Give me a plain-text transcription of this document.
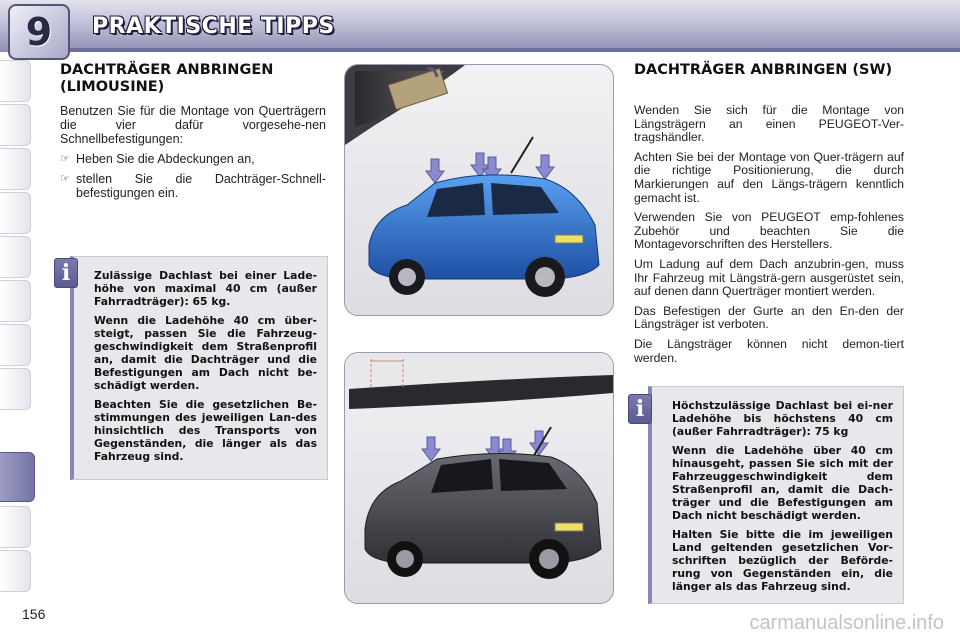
9	PRAKTISCHE TIPPS
DACHTRÄGER ANBRINGEN (LIMOUSINE)

Benutzen Sie für die Montage von Querträgern die vier dafür vorgesehe-nen Schnellbefestigungen:

☞ Heben Sie die Abdeckungen an,
☞ stellen Sie die Dachträger-Schnell-befestigungen ein.

Zulässige Dachlast bei einer Lade-höhe von maximal 40 cm (außer Fahrradträger): 65 kg.

Wenn die Ladehöhe 40 cm über-steigt, passen Sie die Fahrzeug-geschwindigkeit dem Straßenprofil an, damit die Dachträger und die Befestigungen am Dach nicht be-schädigt werden.

Beachten Sie die gesetzlichen Be-stimmungen des jeweiligen Lan-des hinsichtlich des Transports von Gegenständen, die länger als das Fahrzeug sind.

i
DACHTRÄGER ANBRINGEN (SW)

Wenden Sie sich für die Montage von Längsträgern an einen PEUGEOT-Ver-tragshändler.

Achten Sie bei der Montage von Quer-trägern auf die richtige Positionierung, die durch Markierungen auf den Längs-trägern kenntlich gemacht ist.

Verwenden Sie von PEUGEOT emp-fohlenes Zubehör und beachten Sie die Montagevorschriften des Herstellers.

Um Ladung auf dem Dach anzubrin-gen, muss Ihr Fahrzeug mit Längsträ-gern ausgerüstet sein, auf denen dann Querträger montiert werden.

Das Befestigen der Gurte an den En-den der Längsträger ist verboten.

Die Längsträger können nicht demon-tiert werden.

Höchstzulässige Dachlast bei ei-ner Ladehöhe bis höchstens 40 cm (außer Fahrradträger): 75 kg

Wenn die Ladehöhe über 40 cm hinausgeht, passen Sie sich mit der Fahrzeuggeschwindigkeit dem Straßenprofil an, damit die Dach-träger und die Befestigungen am Dach nicht beschädigt werden.

Halten Sie bitte die im jeweiligen Land geltenden gesetzlichen Vor-schriften bezüglich der Beförde-rung von Gegenständen ein, die länger als das Fahrzeug sind.

i
156	carmanualsonline.info
